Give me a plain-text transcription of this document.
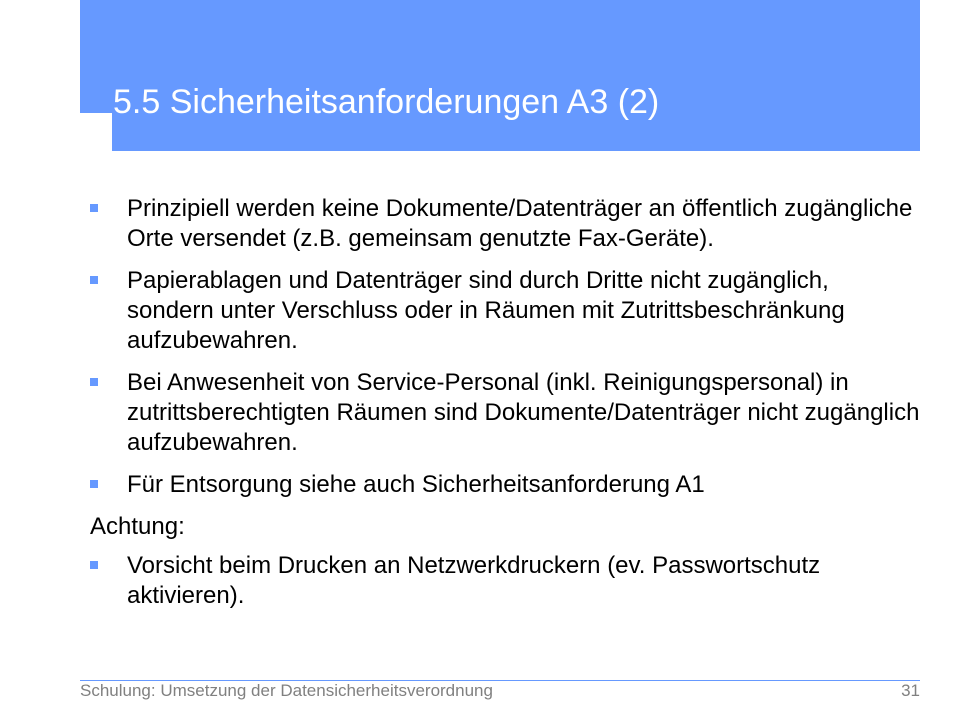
5.5 Sicherheitsanforderungen A3 (2)
Prinzipiell werden keine Dokumente/Datenträger an öffentlich zugängliche Orte versendet (z.B. gemeinsam genutzte Fax-Geräte).
Papierablagen und Datenträger sind durch Dritte nicht zugänglich, sondern unter Verschluss oder in Räumen mit Zutrittsbeschränkung aufzubewahren.
Bei Anwesenheit von Service-Personal (inkl. Reinigungspersonal) in zutrittsberechtigten Räumen sind Dokumente/Datenträger nicht zugänglich aufzubewahren.
Für Entsorgung siehe auch Sicherheitsanforderung A1
Achtung:
Vorsicht beim Drucken an Netzwerkdruckern (ev. Passwortschutz aktivieren).
Schulung: Umsetzung der Datensicherheitsverordnung	31
